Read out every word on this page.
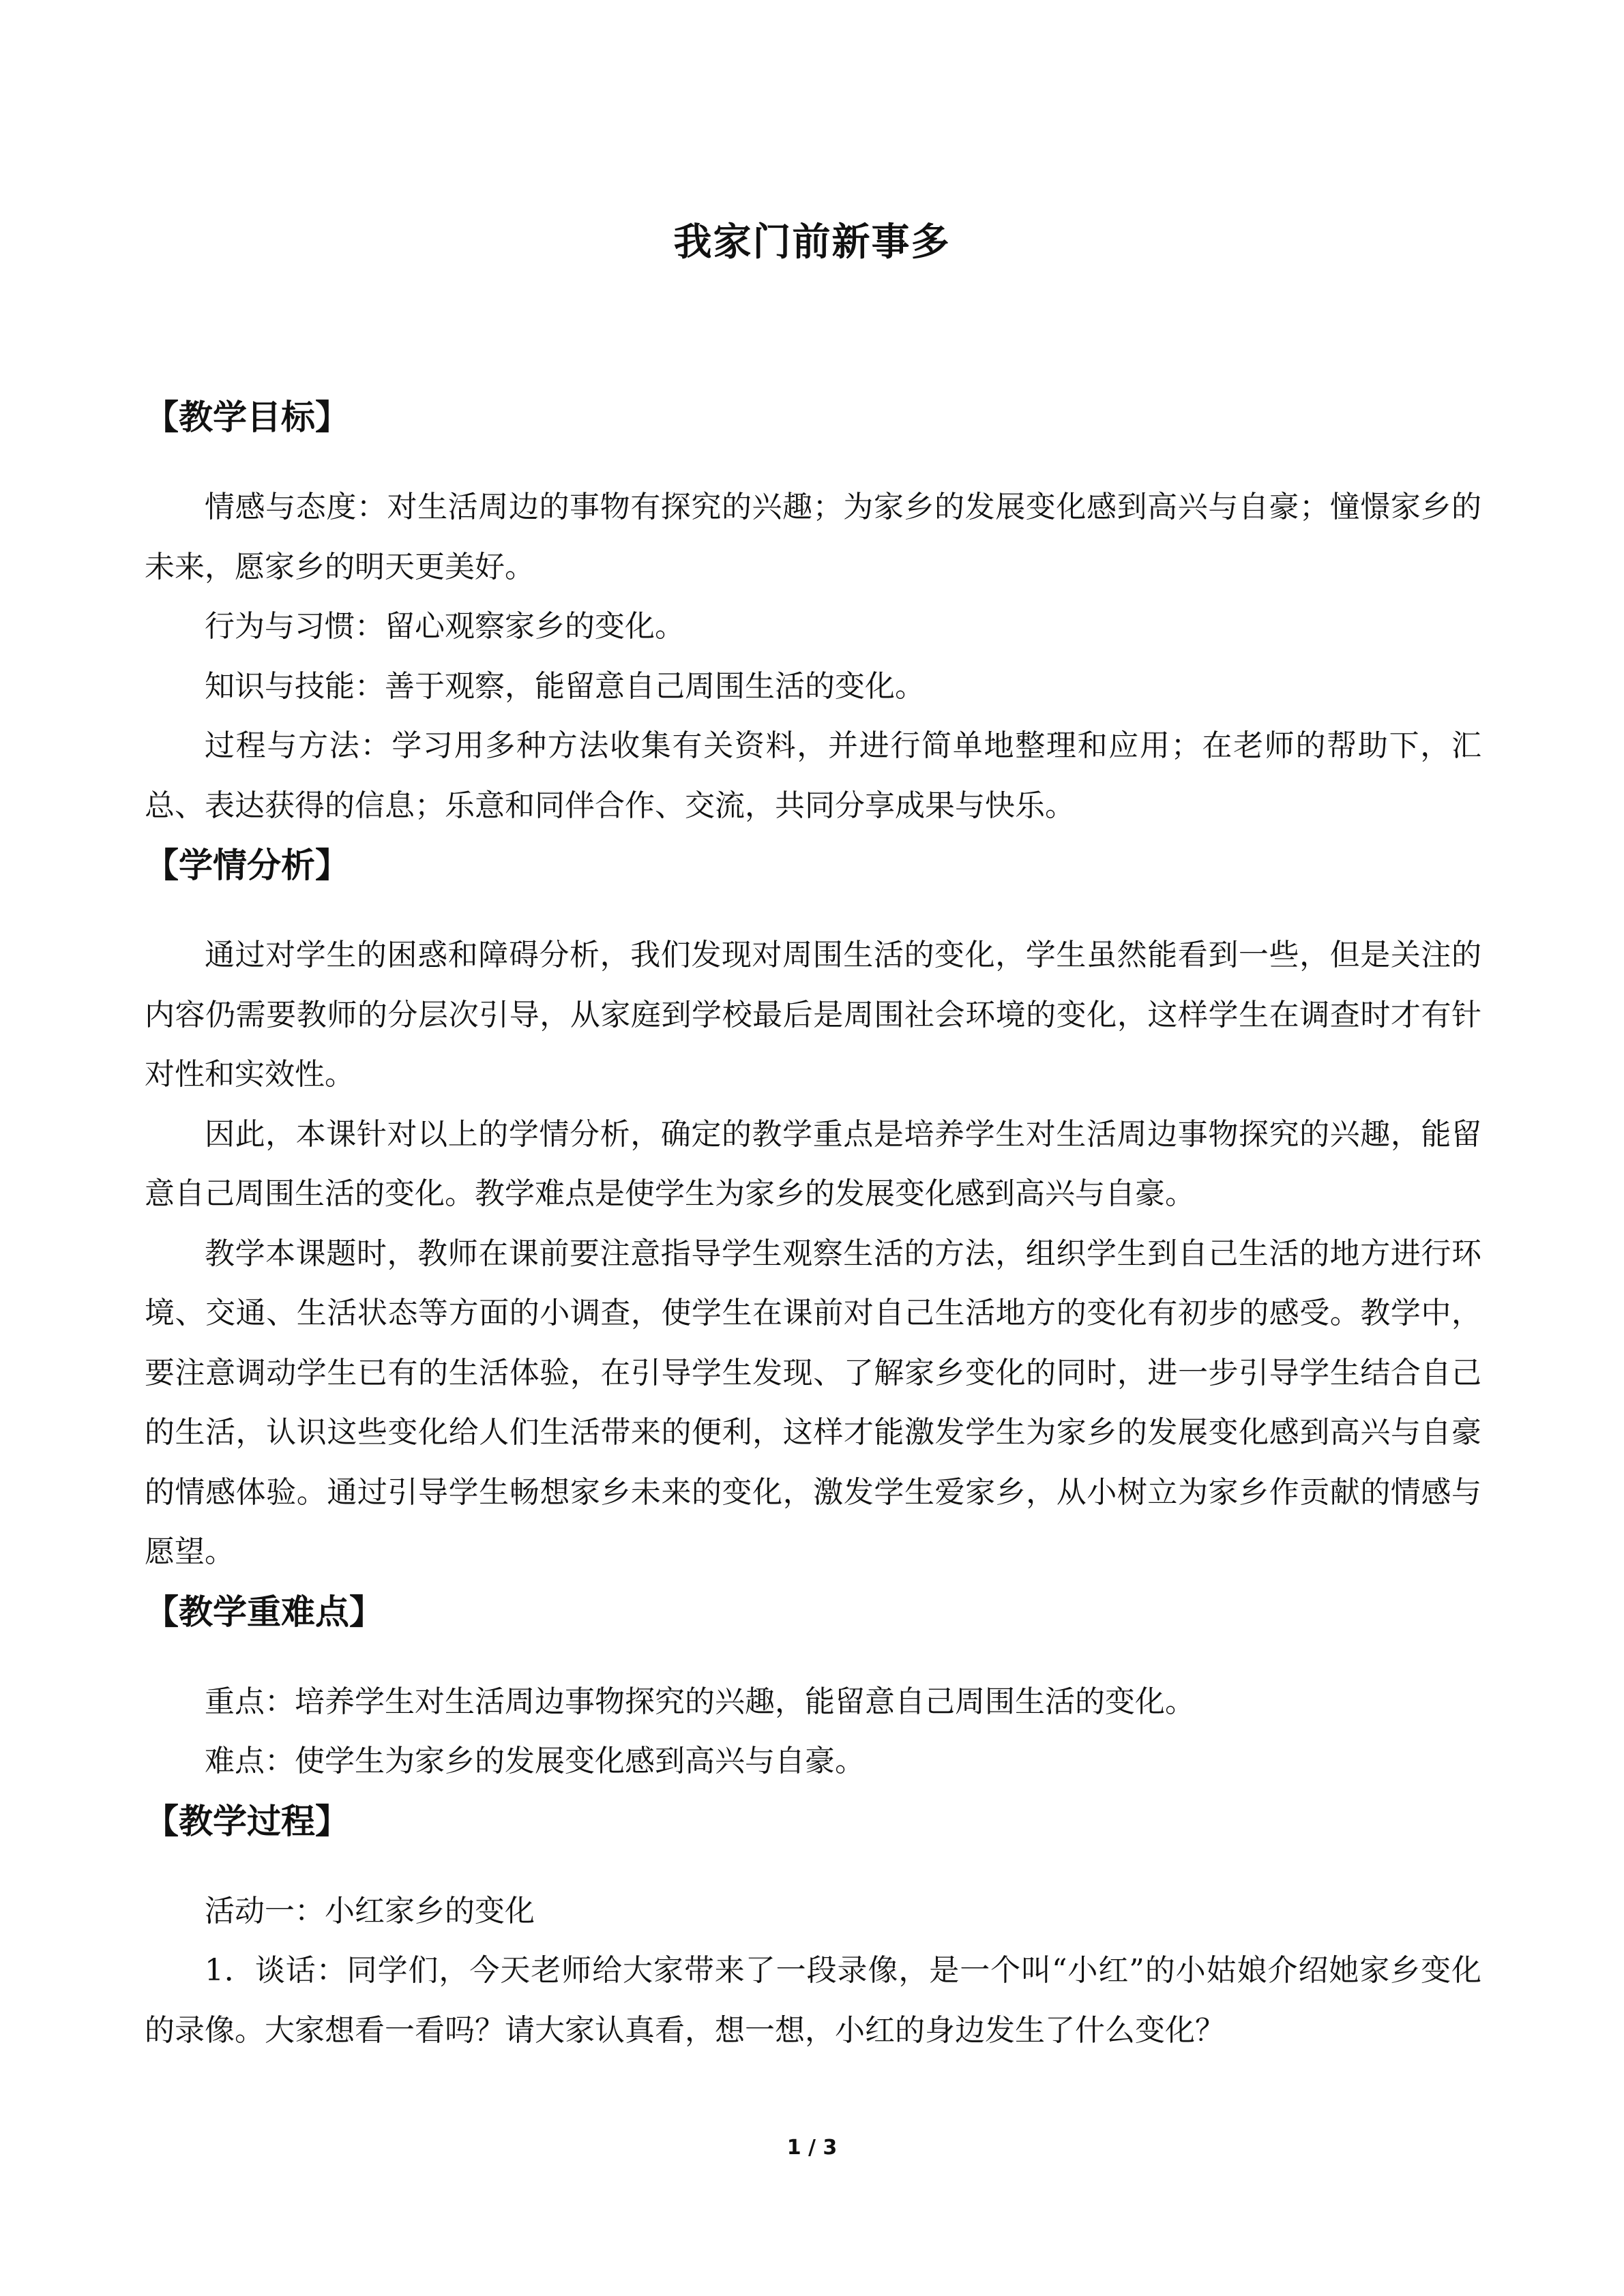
我家门前新事多
【教学目标】

情感与态度：对生活周边的事物有探究的兴趣；为家乡的发展变化感到高兴与自豪；憧憬家乡的未来，愿家乡的明天更美好。

行为与习惯：留心观察家乡的变化。

知识与技能：善于观察，能留意自己周围生活的变化。

过程与方法：学习用多种方法收集有关资料，并进行简单地整理和应用；在老师的帮助下，汇总、表达获得的信息；乐意和同伴合作、交流，共同分享成果与快乐。

【学情分析】

通过对学生的困惑和障碍分析，我们发现对周围生活的变化，学生虽然能看到一些，但是关注的内容仍需要教师的分层次引导，从家庭到学校最后是周围社会环境的变化，这样学生在调查时才有针对性和实效性。

因此，本课针对以上的学情分析，确定的教学重点是培养学生对生活周边事物探究的兴趣，能留意自己周围生活的变化。教学难点是使学生为家乡的发展变化感到高兴与自豪。

教学本课题时，教师在课前要注意指导学生观察生活的方法，组织学生到自己生活的地方进行环境、交通、生活状态等方面的小调查，使学生在课前对自己生活地方的变化有初步的感受。教学中，要注意调动学生已有的生活体验，在引导学生发现、了解家乡变化的同时，进一步引导学生结合自己的生活，认识这些变化给人们生活带来的便利，这样才能激发学生为家乡的发展变化感到高兴与自豪的情感体验。通过引导学生畅想家乡未来的变化，激发学生爱家乡，从小树立为家乡作贡献的情感与愿望。

【教学重难点】

重点：培养学生对生活周边事物探究的兴趣，能留意自己周围生活的变化。

难点：使学生为家乡的发展变化感到高兴与自豪。

【教学过程】

活动一：小红家乡的变化

1．谈话：同学们，今天老师给大家带来了一段录像，是一个叫“小红”的小姑娘介绍她家乡变化的录像。大家想看一看吗？请大家认真看，想一想，小红的身边发生了什么变化？

1 / 3
